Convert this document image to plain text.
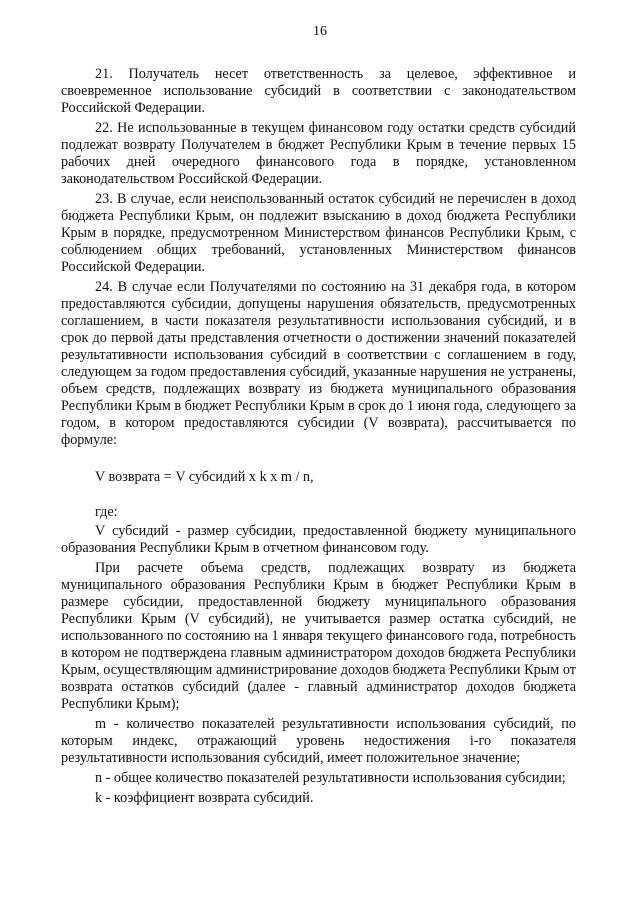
16

21. Получатель несет ответственность за целевое, эффективное и своевременное использование субсидий в соответствии с законодательством Российской Федерации.

22. Не использованные в текущем финансовом году остатки средств субсидий подлежат возврату Получателем в бюджет Республики Крым в течение первых 15 рабочих дней очередного финансового года в порядке, установленном законодательством Российской Федерации.

23. В случае, если неиспользованный остаток субсидий не перечислен в доход бюджета Республики Крым, он подлежит взысканию в доход бюджета Республики Крым в порядке, предусмотренном Министерством финансов Республики Крым, с соблюдением общих требований, установленных Министерством финансов Российской Федерации.

24. В случае если Получателями по состоянию на 31 декабря года, в котором предоставляются субсидии, допущены нарушения обязательств, предусмотренных соглашением, в части показателя результативности использования субсидий, и в срок до первой даты представления отчетности о достижении значений показателей результативности использования субсидий в соответствии с соглашением в году, следующем за годом предоставления субсидий, указанные нарушения не устранены, объем средств, подлежащих возврату из бюджета муниципального образования Республики Крым в бюджет Республики Крым в срок до 1 июня года, следующего за годом, в котором предоставляются субсидии (V возврата), рассчитывается по формуле:

V возврата = V субсидий x k x m / n,

где:

V субсидий - размер субсидии, предоставленной бюджету муниципального образования Республики Крым в отчетном финансовом году.

При расчете объема средств, подлежащих возврату из бюджета муниципального образования Республики Крым в бюджет Республики Крым в размере субсидии, предоставленной бюджету муниципального образования Республики Крым (V субсидий), не учитывается размер остатка субсидий, не использованного по состоянию на 1 января текущего финансового года, потребность в котором не подтверждена главным администратором доходов бюджета Республики Крым, осуществляющим администрирование доходов бюджета Республики Крым от возврата остатков субсидий (далее - главный администратор доходов бюджета Республики Крым);

m - количество показателей результативности использования субсидий, по которым индекс, отражающий уровень недостижения i-го показателя результативности использования субсидий, имеет положительное значение;

n - общее количество показателей результативности использования субсидии;

k - коэффициент возврата субсидий.
